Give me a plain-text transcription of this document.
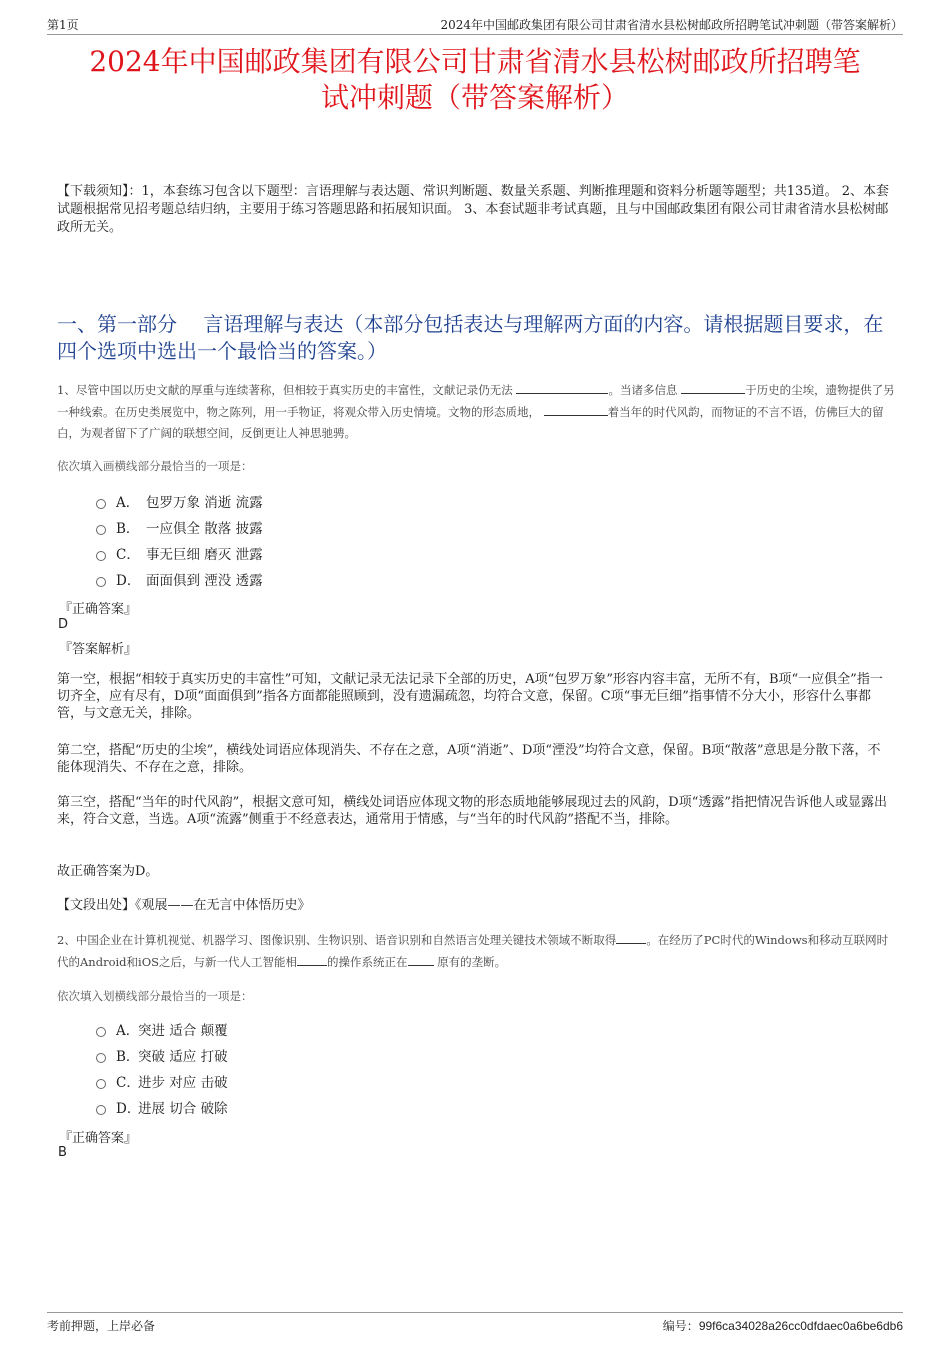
第1页	2024年中国邮政集团有限公司甘肃省清水县松树邮政所招聘笔试冲刺题（带答案解析）
2024年中国邮政集团有限公司甘肃省清水县松树邮政所招聘笔
试冲刺题（带答案解析）
【下载须知】：1，本套练习包含以下题型：言语理解与表达题、常识判断题、数量关系题、判断推理题和资料分析题等题型；共135道。 2、本套试题根据常见招考题总结归纳，主要用于练习答题思路和拓展知识面。 3、本套试题非考试真题，且与中国邮政集团有限公司甘肃省清水县松树邮政所无关。
一、第一部分　 言语理解与表达（本部分包括表达与理解两方面的内容。请根据题目要求，在四个选项中选出一个最恰当的答案。）
1、尽管中国以历史文献的厚重与连续著称，但相较于真实历史的丰富性，文献记录仍无法	。当诸多信息	于历史的尘埃，遗物提供了另一种线索。在历史类展览中，物之陈列，用一手物证，将观众带入历史情境。文物的形态质地，	着当年的时代风韵，而物证的不言不语，仿佛巨大的留白，为观者留下了广阔的联想空间，反倒更让人神思驰骋。
依次填入画横线部分最恰当的一项是：
A． 包罗万象 消逝 流露
B． 一应俱全 散落 披露
C． 事无巨细 磨灭 泄露
D． 面面俱到 湮没 透露
『正确答案』
D
『答案解析』
第一空，根据“相较于真实历史的丰富性”可知，文献记录无法记录下全部的历史，A项“包罗万象”形容内容丰富，无所不有，B项“一应俱全”指一切齐全，应有尽有，D项“面面俱到”指各方面都能照顾到，没有遗漏疏忽，均符合文意，保留。C项“事无巨细”指事情不分大小，形容什么事都管，与文意无关，排除。
第二空，搭配“历史的尘埃”，横线处词语应体现消失、不存在之意，A项“消逝”、D项“湮没”均符合文意，保留。B项“散落”意思是分散下落，不能体现消失、不存在之意，排除。
第三空，搭配“当年的时代风韵”，根据文意可知，横线处词语应体现文物的形态质地能够展现过去的风韵，D项“透露”指把情况告诉他人或显露出来，符合文意，当选。A项“流露”侧重于不经意表达，通常用于情感，与“当年的时代风韵”搭配不当，排除。
故正确答案为D。
【文段出处】《观展——在无言中体悟历史》
2、中国企业在计算机视觉、机器学习、图像识别、生物识别、语音识别和自然语言处理关键技术领域不断取得	。在经历了PC时代的Windows和移动互联网时代的Android和iOS之后，与新一代人工智能相	的操作系统正在	原有的垄断。
依次填入划横线部分最恰当的一项是：
A．
突进 适合 颠覆
B．
突破 适应 打破
C．
进步 对应 击破
D．
进展 切合 破除
『正确答案』
B
考前押题，上岸必备	编号：99f6ca34028a26cc0dfdaec0a6be6db6
